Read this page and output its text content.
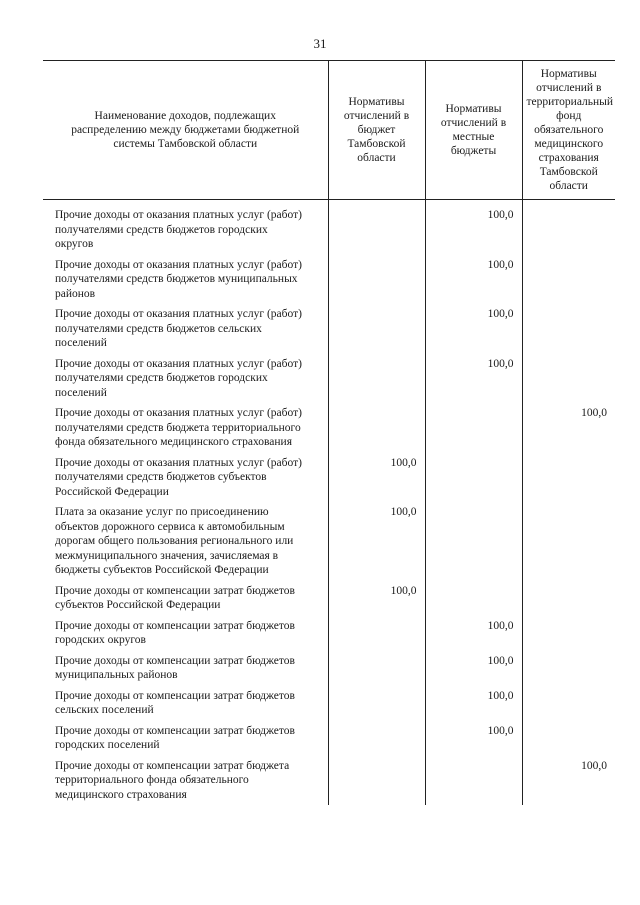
31
Наименование доходов, подлежащих распределению между бюджетами бюджетной системы Тамбовской области	Нормативы отчислений в бюджет Тамбовской области	Нормативы отчислений в местные бюджеты	Нормативы отчислений в территориальный фонд обязательного медицинского страхования Тамбовской области
Прочие доходы от оказания платных услуг (работ) получателями средств бюджетов городских округов		100,0	
Прочие доходы от оказания платных услуг (работ) получателями средств бюджетов муниципальных районов		100,0	
Прочие доходы от оказания платных услуг (работ) получателями средств бюджетов сельских поселений		100,0	
Прочие доходы от оказания платных услуг (работ) получателями средств бюджетов городских поселений		100,0	
Прочие доходы от оказания платных услуг (работ) получателями средств бюджета территориального фонда обязательного медицинского страхования			100,0
Прочие доходы от оказания платных услуг (работ) получателями средств бюджетов субъектов Российской Федерации	100,0		
Плата за оказание услуг по присоединению объектов дорожного сервиса к автомобильным дорогам общего пользования регионального или межмуниципального значения, зачисляемая в бюджеты субъектов Российской Федерации	100,0		
Прочие доходы от компенсации затрат бюджетов субъектов Российской Федерации	100,0		
Прочие доходы от компенсации затрат бюджетов городских округов		100,0	
Прочие доходы от компенсации затрат бюджетов муниципальных районов		100,0	
Прочие доходы от компенсации затрат бюджетов сельских поселений		100,0	
Прочие доходы от компенсации затрат бюджетов городских поселений		100,0	
Прочие доходы от компенсации затрат бюджета территориального фонда обязательного медицинского страхования			100,0
